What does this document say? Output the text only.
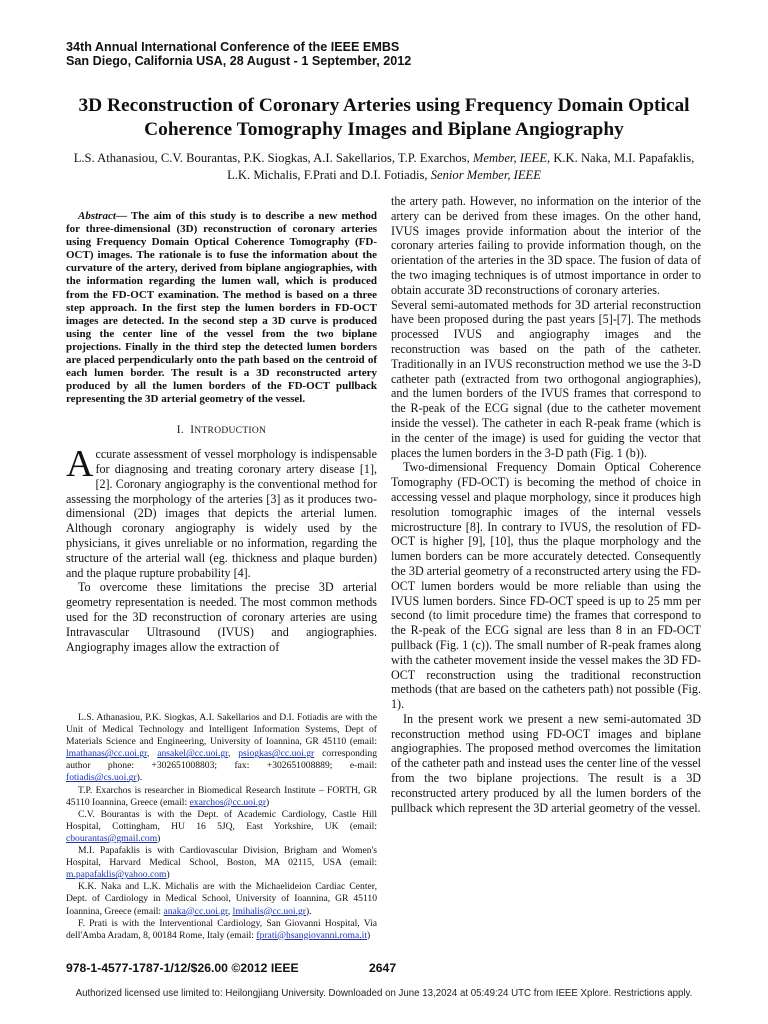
34th Annual International Conference of the IEEE EMBS
San Diego, California USA, 28 August - 1 September, 2012
3D Reconstruction of Coronary Arteries using Frequency Domain Optical Coherence Tomography Images and Biplane Angiography
L.S. Athanasiou, C.V. Bourantas, P.K. Siogkas, A.I. Sakellarios, T.P. Exarchos, Member, IEEE, K.K. Naka, M.I. Papafaklis, L.K. Michalis, F.Prati and D.I. Fotiadis, Senior Member, IEEE

Abstract— The aim of this study is to describe a new method for three-dimensional (3D) reconstruction of coronary arteries using Frequency Domain Optical Coherence Tomography (FD-OCT) images. The rationale is to fuse the information about the curvature of the artery, derived from biplane angiographies, with the information regarding the lumen wall, which is produced from the FD-OCT examination. The method is based on a three step approach. In the first step the lumen borders in FD-OCT images are detected. In the second step a 3D curve is produced using the center line of the vessel from the two biplane projections. Finally in the third step the detected lumen borders are placed perpendicularly onto the path based on the centroid of each lumen border. The result is a 3D reconstructed artery produced by all the lumen borders of the FD-OCT pullback representing the 3D arterial geometry of the vessel.

I. INTRODUCTION

Accurate assessment of vessel morphology is indispensable for diagnosing and treating coronary artery disease [1], [2]. Coronary angiography is the conventional method for assessing the morphology of the arteries [3] as it produces two-dimensional (2D) images that depicts the arterial lumen. Although coronary angiography is widely used by the physicians, it gives unreliable or no information, regarding the structure of the arterial wall (eg. thickness and plaque burden) and the plaque rupture probability [4].

To overcome these limitations the precise 3D arterial geometry representation is needed. The most common methods used for the 3D reconstruction of coronary arteries are using Intravascular Ultrasound (IVUS) and angiographies. Angiography images allow the extraction of

L.S. Athanasiou, P.K. Siogkas, A.I. Sakellarios and D.I. Fotiadis are with the Unit of Medical Technology and Intelligent Information Systems, Dept of Materials Science and Engineering, University of Ioannina, GR 45110 (email: lmathanas@cc.uoi.gr, ansakel@cc.uoi.gr, psiogkas@cc.uoi.gr corresponding author phone: +302651008803; fax: +302651008889; e-mail: fotiadis@cs.uoi.gr).

T.P. Exarchos is researcher in Biomedical Research Institute – FORTH, GR 45110 Ioannina, Greece (email: exarchos@cc.uoi.gr)

C.V. Bourantas is with the Dept. of Academic Cardiology, Castle Hill Hospital, Cottingham, HU 16 5JQ, East Yorkshire, UK (email: cbourantas@gmail.com)

M.I. Papafaklis is with Cardiovascular Division, Brigham and Women's Hospital, Harvard Medical School, Boston, MA 02115, USA (email: m.papafaklis@yahoo.com)

K.K. Naka and L.K. Michalis are with the Michaelideion Cardiac Center, Dept. of Cardiology in Medical School, University of Ioannina, GR 45110 Ioannina, Greece (email: anaka@cc.uoi.gr, lmihalis@cc.uoi.gr).

F. Prati is with the Interventional Cardiology, San Giovanni Hospital, Via dell'Amba Aradam, 8, 00184 Rome, Italy (email: fprati@hsangiovanni.roma.it)

the artery path. However, no information on the interior of the artery can be derived from these images. On the other hand, IVUS images provide information about the interior of the coronary arteries failing to provide information though, on the orientation of the arteries in the 3D space. The fusion of data of the two imaging techniques is of utmost importance in order to obtain accurate 3D reconstructions of coronary arteries.

Several semi-automated methods for 3D arterial reconstruction have been proposed during the past years [5]-[7]. The methods processed IVUS and angiography images and the reconstruction was based on the path of the catheter. Traditionally in an IVUS reconstruction method we use the 3-D catheter path (extracted from two orthogonal angiographies), and the lumen borders of the IVUS frames that correspond to the R-peak of the ECG signal (due to the catheter movement inside the vessel). The catheter in each R-peak frame (which is in the center of the image) is used for guiding the vector that places the lumen borders in the 3-D path (Fig. 1 (b)).

Two-dimensional Frequency Domain Optical Coherence Tomography (FD-OCT) is becoming the method of choice in accessing vessel and plaque morphology, since it produces high resolution tomographic images of the internal vessels microstructure [8]. In contrary to IVUS, the resolution of FD-OCT is higher [9], [10], thus the plaque morphology and the lumen borders can be more accurately detected. Consequently the 3D arterial geometry of a reconstructed artery using the FD-OCT lumen borders would be more reliable than using the IVUS lumen borders. Since FD-OCT speed is up to 25 mm per second (to limit procedure time) the frames that correspond to the R-peak of the ECG signal are less than 8 in an FD-OCT pullback (Fig. 1 (c)). The small number of R-peak frames along with the catheter movement inside the vessel makes the 3D FD-OCT reconstruction using the traditional reconstruction methods (that are based on the catheters path) not possible (Fig. 1).

In the present work we present a new semi-automated 3D reconstruction method using FD-OCT images and biplane angiographies. The proposed method overcomes the limitation of the catheter path and instead uses the center line of the vessel from the two biplane projections. The result is a 3D reconstructed artery produced by all the lumen borders of the pullback which represent the 3D arterial geometry of the vessel.

978-1-4577-1787-1/12/$26.00 ©2012 IEEE	2647
Authorized licensed use limited to: Heilongjiang University. Downloaded on June 13,2024 at 05:49:24 UTC from IEEE Xplore. Restrictions apply.
